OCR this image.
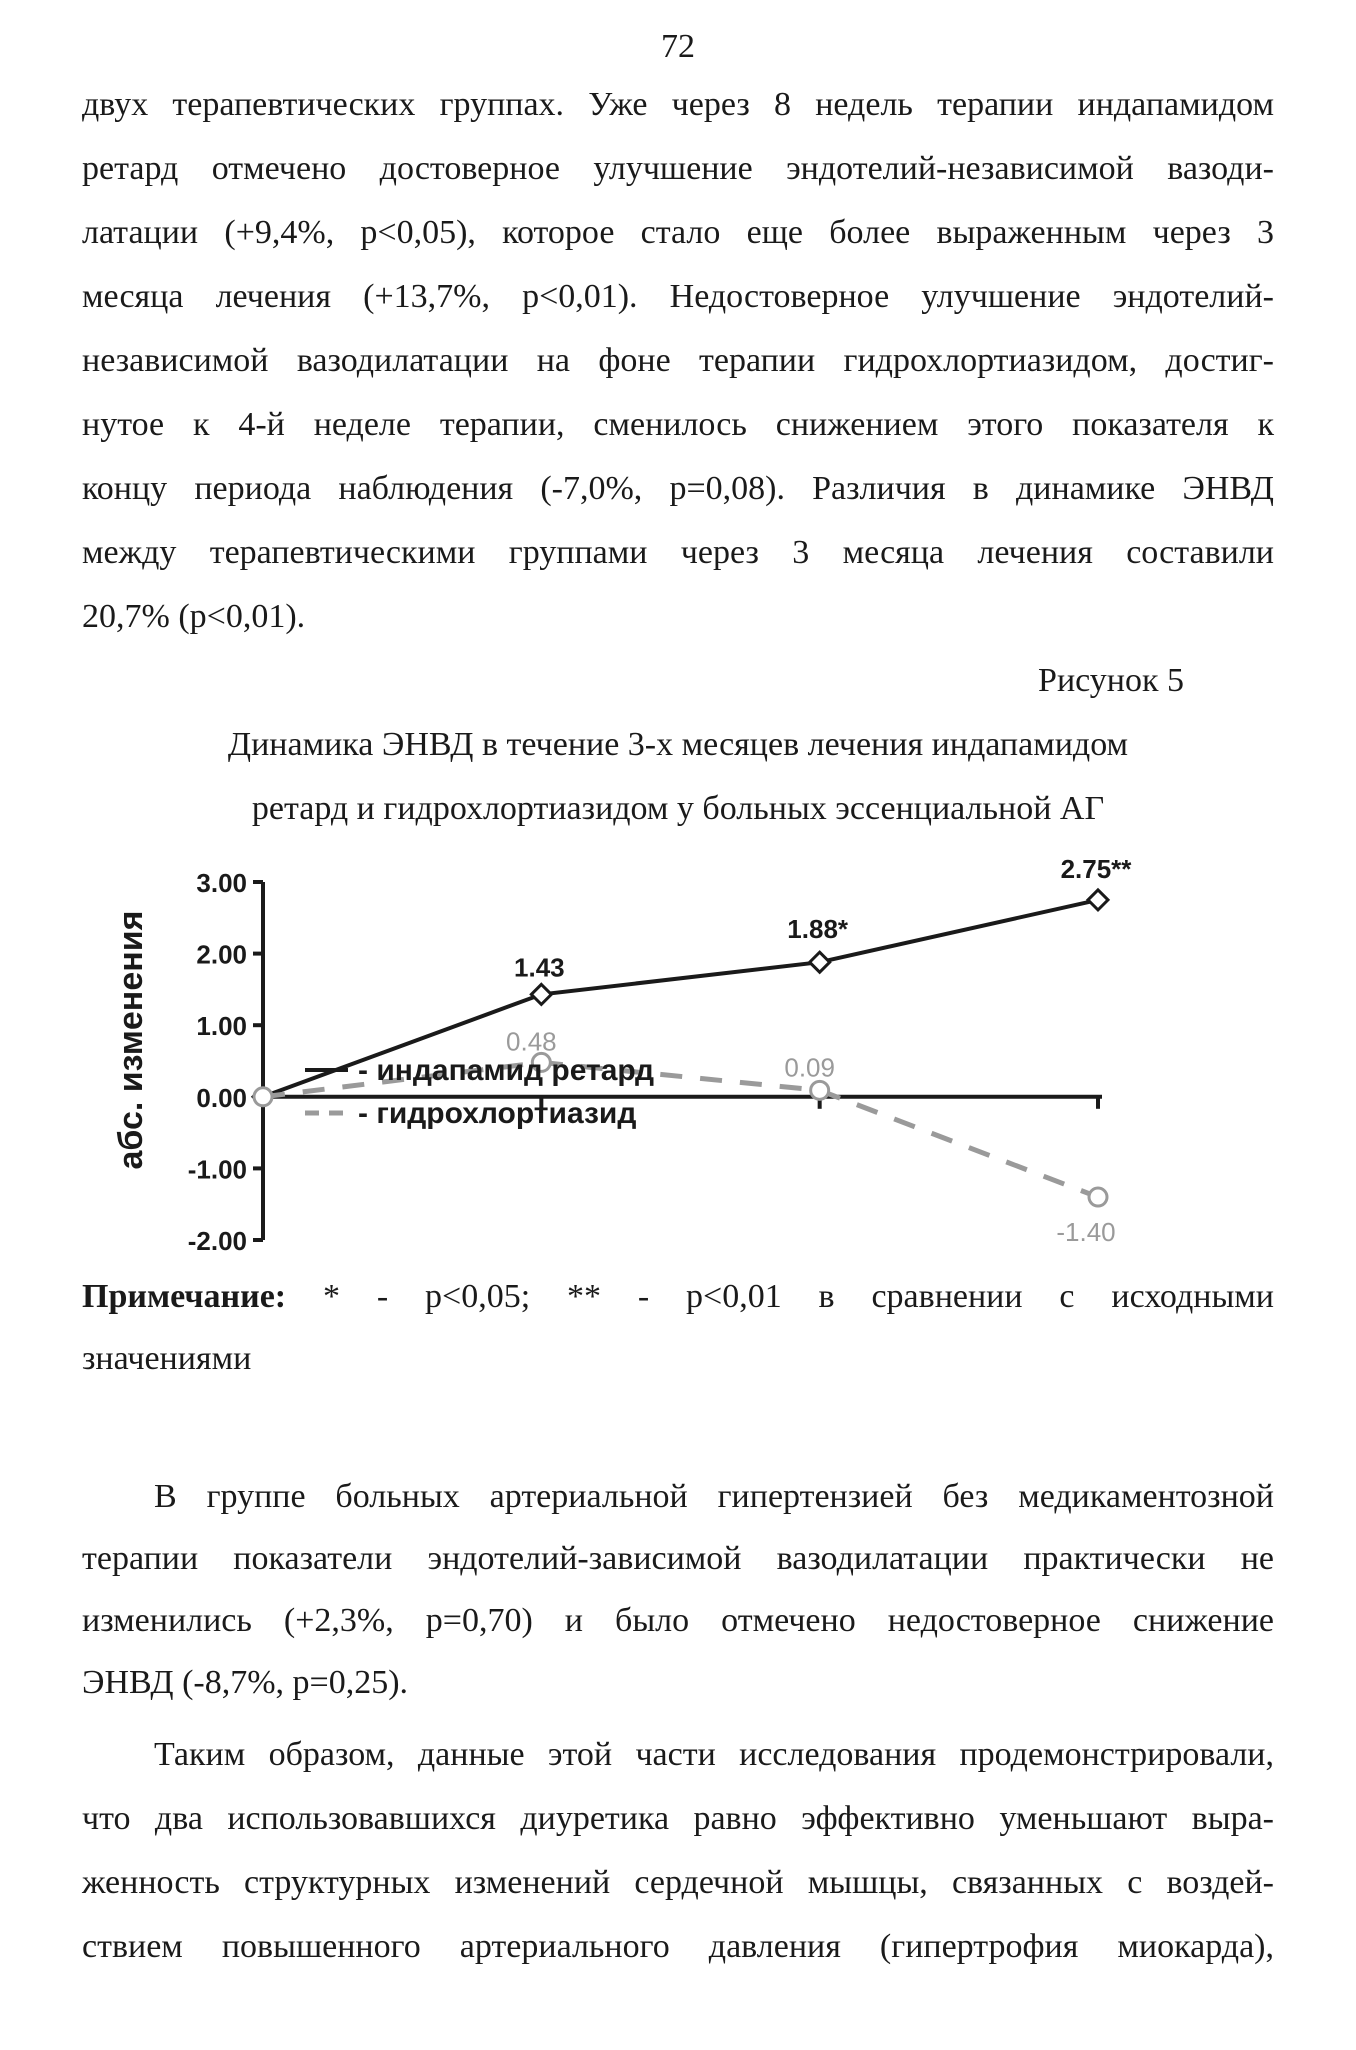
72
двух терапевтических группах. Уже через 8 недель терапии индапамидом
ретард отмечено достоверное улучшение эндотелий-независимой вазоди-
латации (+9,4%, p<0,05), которое стало еще более выраженным через 3
месяца лечения (+13,7%, p<0,01). Недостоверное улучшение эндотелий-
независимой вазодилатации на фоне терапии гидрохлортиазидом, достиг-
нутое к 4-й неделе терапии, сменилось снижением этого показателя к
концу периода наблюдения (-7,0%, p=0,08). Различия в динамике ЭНВД
между терапевтическими группами через 3 месяца лечения составили
20,7% (p<0,01).
Рисунок 5
Динамика ЭНВД в течение 3-х месяцев лечения индапамидом
ретард и гидрохлортиазидом у больных эссенциальной АГ
3.00
2.00
1.00
0.00
-1.00
-2.00
1.43
1.88*
2.75**
0.48
0.09
-1.40
- индапамид ретард
- гидрохлортиазид
абс. изменения
Примечание: * - p<0,05; ** - p<0,01 в сравнении с исходными
значениями
В группе больных артериальной гипертензией без медикаментозной
терапии показатели эндотелий-зависимой вазодилатации практически не
изменились (+2,3%, p=0,70) и было отмечено недостоверное снижение
ЭНВД (-8,7%, p=0,25).
Таким образом, данные этой части исследования продемонстрировали,
что два использовавшихся диуретика равно эффективно уменьшают выра-
женность структурных изменений сердечной мышцы, связанных с воздей-
ствием повышенного артериального давления (гипертрофия миокарда),
